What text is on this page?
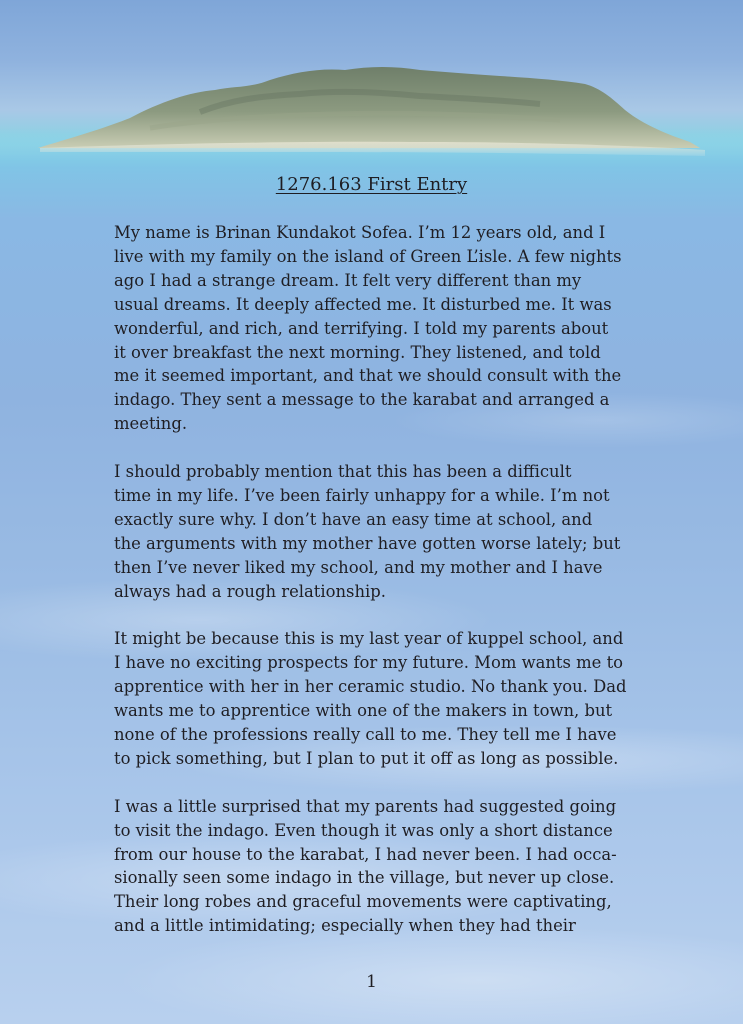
1276.163 First Entry

My name is Brinan Kundakot Sofea. I’m 12 years old, and I
live with my family on the island of Green L’isle. A few nights
ago I had a strange dream. It felt very different than my
usual dreams. It deeply affected me. It disturbed me. It was
wonderful, and rich, and terrifying. I told my parents about
it over breakfast the next morning. They listened, and told
me it seemed important, and that we should consult with the
indago. They sent a message to the karabat and arranged a
meeting.

I should probably mention that this has been a difficult
time in my life. I’ve been fairly unhappy for a while. I’m not
exactly sure why. I don’t have an easy time at school, and
the arguments with my mother have gotten worse lately; but
then I’ve never liked my school, and my mother and I have
always had a rough relationship.

It might be because this is my last year of kuppel school, and
I have no exciting prospects for my future. Mom wants me to
apprentice with her in her ceramic studio. No thank you. Dad
wants me to apprentice with one of the makers in town, but
none of the professions really call to me. They tell me I have
to pick something, but I plan to put it off as long as possible.

I was a little surprised that my parents had suggested going
to visit the indago. Even though it was only a short distance
from our house to the karabat, I had never been. I had occa-
sionally seen some indago in the village, but never up close.
Their long robes and graceful movements were captivating,
and a little intimidating; especially when they had their

1
